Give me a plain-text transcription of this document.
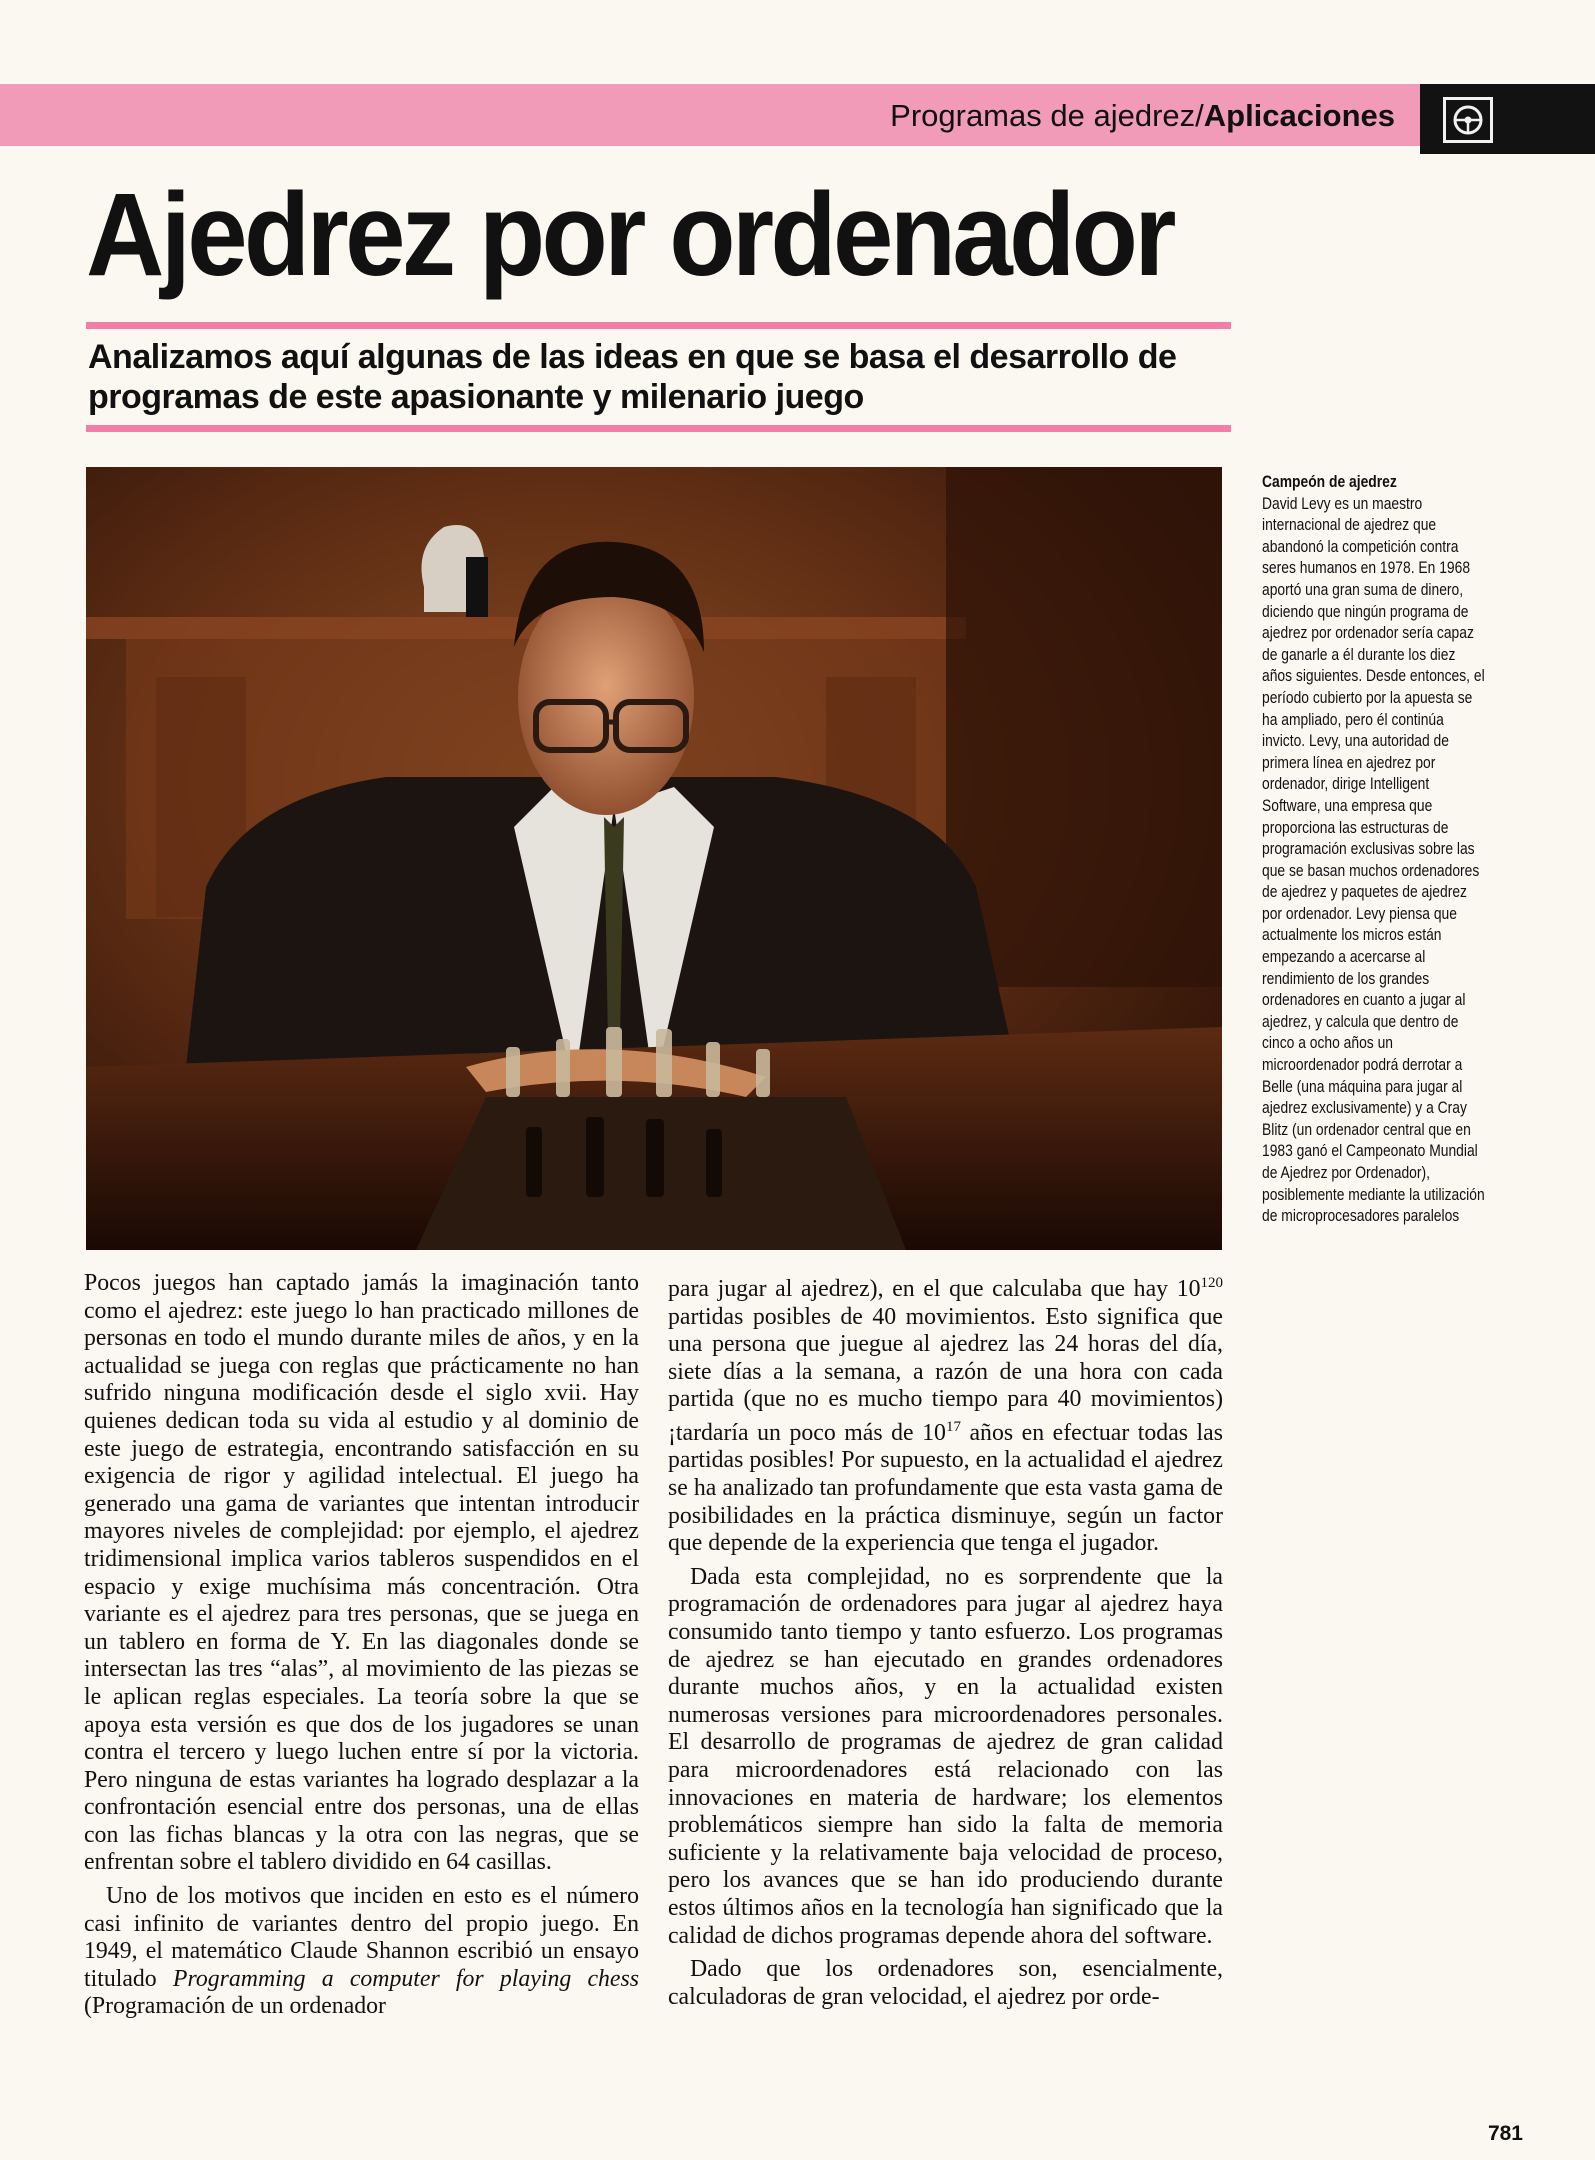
Programas de ajedrez/Aplicaciones
Ajedrez por ordenador
Analizamos aquí algunas de las ideas en que se basa el desarrollo de programas de este apasionante y milenario juego
Campeón de ajedrez
David Levy es un maestro internacional de ajedrez que abandonó la competición contra seres humanos en 1978. En 1968 aportó una gran suma de dinero, diciendo que ningún programa de ajedrez por ordenador sería capaz de ganarle a él durante los diez años siguientes. Desde entonces, el período cubierto por la apuesta se ha ampliado, pero él continúa invicto. Levy, una autoridad de primera línea en ajedrez por ordenador, dirige Intelligent Software, una empresa que proporciona las estructuras de programación exclusivas sobre las que se basan muchos ordenadores de ajedrez y paquetes de ajedrez por ordenador. Levy piensa que actualmente los micros están empezando a acercarse al rendimiento de los grandes ordenadores en cuanto a jugar al ajedrez, y calcula que dentro de cinco a ocho años un microordenador podrá derrotar a Belle (una máquina para jugar al ajedrez exclusivamente) y a Cray Blitz (un ordenador central que en 1983 ganó el Campeonato Mundial de Ajedrez por Ordenador), posiblemente mediante la utilización de microprocesadores paralelos

Pocos juegos han captado jamás la imaginación tanto como el ajedrez: este juego lo han practicado millones de personas en todo el mundo durante miles de años, y en la actualidad se juega con reglas que prácticamente no han sufrido ninguna modificación desde el siglo xvii. Hay quienes dedican toda su vida al estudio y al dominio de este juego de estrategia, encontrando satisfacción en su exigencia de rigor y agilidad intelectual. El juego ha generado una gama de variantes que intentan introducir mayores niveles de complejidad: por ejemplo, el ajedrez tridimensional implica varios tableros suspendidos en el espacio y exige muchísima más concentración. Otra variante es el ajedrez para tres personas, que se juega en un tablero en forma de Y. En las diagonales donde se intersectan las tres “alas”, al movimiento de las piezas se le aplican reglas especiales. La teoría sobre la que se apoya esta versión es que dos de los jugadores se unan contra el tercero y luego luchen entre sí por la victoria. Pero ninguna de estas variantes ha logrado desplazar a la confrontación esencial entre dos personas, una de ellas con las fichas blancas y la otra con las negras, que se enfrentan sobre el tablero dividido en 64 casillas.

Uno de los motivos que inciden en esto es el número casi infinito de variantes dentro del propio juego. En 1949, el matemático Claude Shannon escribió un ensayo titulado Programming a computer for playing chess (Programación de un ordenador

para jugar al ajedrez), en el que calculaba que hay $10^{120}$ partidas posibles de 40 movimientos. Esto significa que una persona que juegue al ajedrez las 24 horas del día, siete días a la semana, a razón de una hora con cada partida (que no es mucho tiempo para 40 movimientos) ¡tardaría un poco más de $10^{17}$ años en efectuar todas las partidas posibles! Por supuesto, en la actualidad el ajedrez se ha analizado tan profundamente que esta vasta gama de posibilidades en la práctica disminuye, según un factor que depende de la experiencia que tenga el jugador.

Dada esta complejidad, no es sorprendente que la programación de ordenadores para jugar al ajedrez haya consumido tanto tiempo y tanto esfuerzo. Los programas de ajedrez se han ejecutado en grandes ordenadores durante muchos años, y en la actualidad existen numerosas versiones para microordenadores personales. El desarrollo de programas de ajedrez de gran calidad para microordenadores está relacionado con las innovaciones en materia de hardware; los elementos problemáticos siempre han sido la falta de memoria suficiente y la relativamente baja velocidad de proceso, pero los avances que se han ido produciendo durante estos últimos años en la tecnología han significado que la calidad de dichos programas depende ahora del software.

Dado que los ordenadores son, esencialmente, calculadoras de gran velocidad, el ajedrez por orde-

781
